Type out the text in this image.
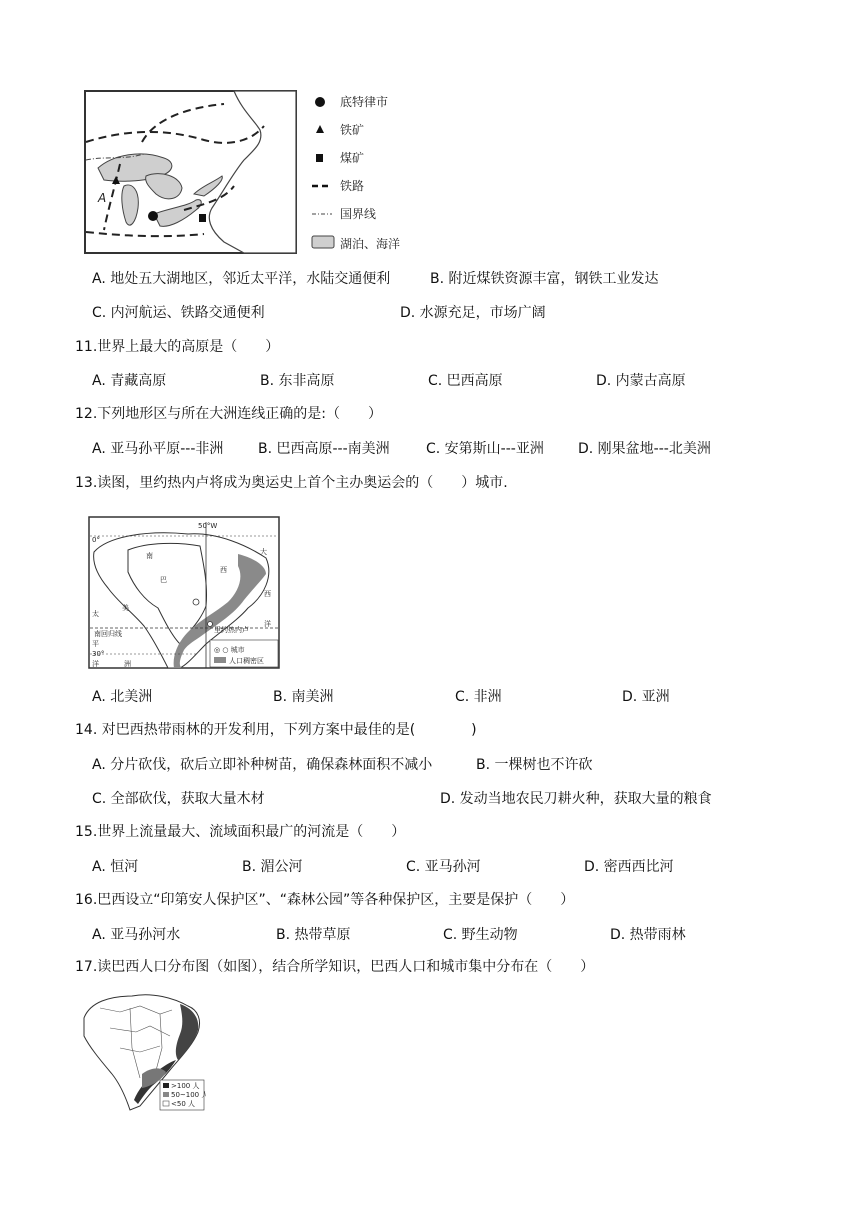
A
底特律市
铁矿
煤矿
铁路
国界线
湖泊、海洋
A. 地处五大湖地区，邻近太平洋，水陆交通便利	B. 附近煤铁资源丰富，钢铁工业发达
C. 内河航运、铁路交通便利	D. 水源充足，市场广阔
11.世界上最大的高原是（　　）
A. 青藏高原	B. 东非高原	C. 巴西高原	D. 内蒙古高原
12.下列地形区与所在大洲连线正确的是:（　　）
A. 亚马孙平原---非洲 B. 巴西高原---南美洲	C. 安第斯山---亚洲 D. 刚果盆地---北美洲
13.读图，里约热内卢将成为奥运史上首个主办奥运会的（　　）城市.
50°W
0°
30°
南回归线	里约热内卢
南
巴
美
西
大
西
洋
太
平
洋	洲
◎ ○ 城市
人口稠密区
A. 北美洲	B. 南美洲	C. 非洲	D. 亚洲
14. 对巴西热带雨林的开发利用，下列方案中最佳的是(　　　　)
A. 分片砍伐，砍后立即补种树苗，确保森林面积不减小	B. 一棵树也不许砍
C. 全部砍伐，获取大量木材	D. 发动当地农民刀耕火种，获取大量的粮食
15.世界上流量最大、流域面积最广的河流是（　　）
A. 恒河	B. 湄公河	C. 亚马孙河	D. 密西西比河
16.巴西设立“印第安人保护区”、“森林公园”等各种保护区，主要是保护（　　）
A. 亚马孙河水	B. 热带草原	C. 野生动物	D. 热带雨林
17.读巴西人口分布图（如图），结合所学知识，巴西人口和城市集中分布在（　　）
>100 人
50~100 人
<50 人
